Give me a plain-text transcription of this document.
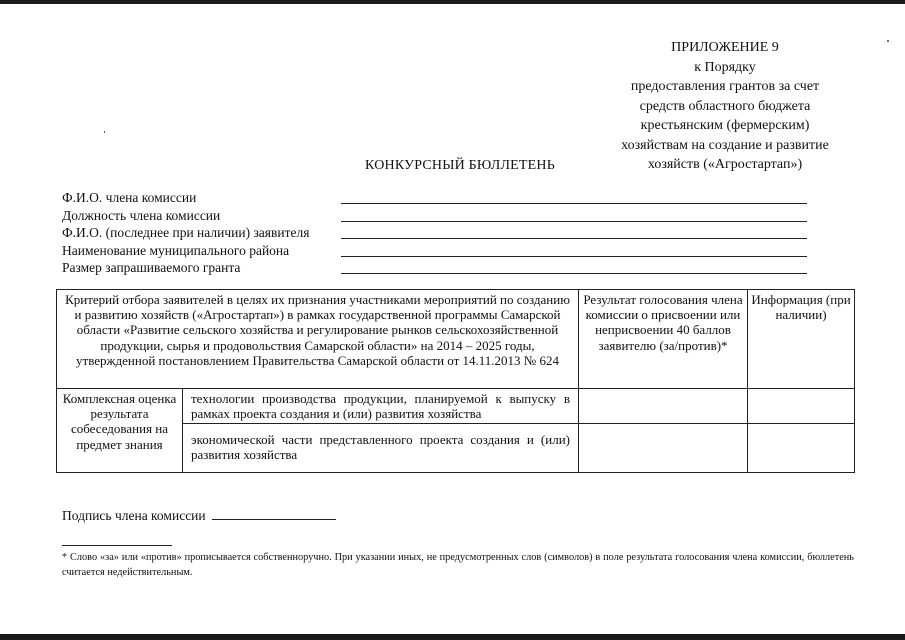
ПРИЛОЖЕНИЕ 9
к Порядку
предоставления грантов за счет
средств областного бюджета
крестьянским (фермерским)
хозяйствам на создание и развитие
хозяйств («Агростартап»)
КОНКУРСНЫЙ БЮЛЛЕТЕНЬ
Ф.И.О. члена комиссии
Должность члена комиссии
Ф.И.О. (последнее при наличии) заявителя
Наименование муниципального района
Размер запрашиваемого гранта
Критерий отбора заявителей в целях их признания участниками мероприятий по созданию и развитию хозяйств («Агростартап») в рамках государственной программы Самарской области «Развитие сельского хозяйства и регулирование рынков сельскохозяйственной продукции, сырья и продовольствия Самарской области» на 2014 – 2025 годы, утвержденной постановлением Правительства Самарской области от 14.11.2013 № 624		Результат голосования члена комиссии о присвоении или неприсвоении 40 баллов заявителю (за/против)*	Информация (при наличии)
Комплексная оценка результата собеседования на предмет знания	технологии производства продукции, планируемой к выпуску в рамках проекта создания и (или) развития хозяйства		
	экономической части представленного проекта создания и (или) развития хозяйства		
Подпись члена комиссии
* Слово «за» или «против» прописывается собственноручно. При указании иных, не предусмотренных слов (символов) в поле результата голосования члена комиссии, бюллетень считается недействительным.
